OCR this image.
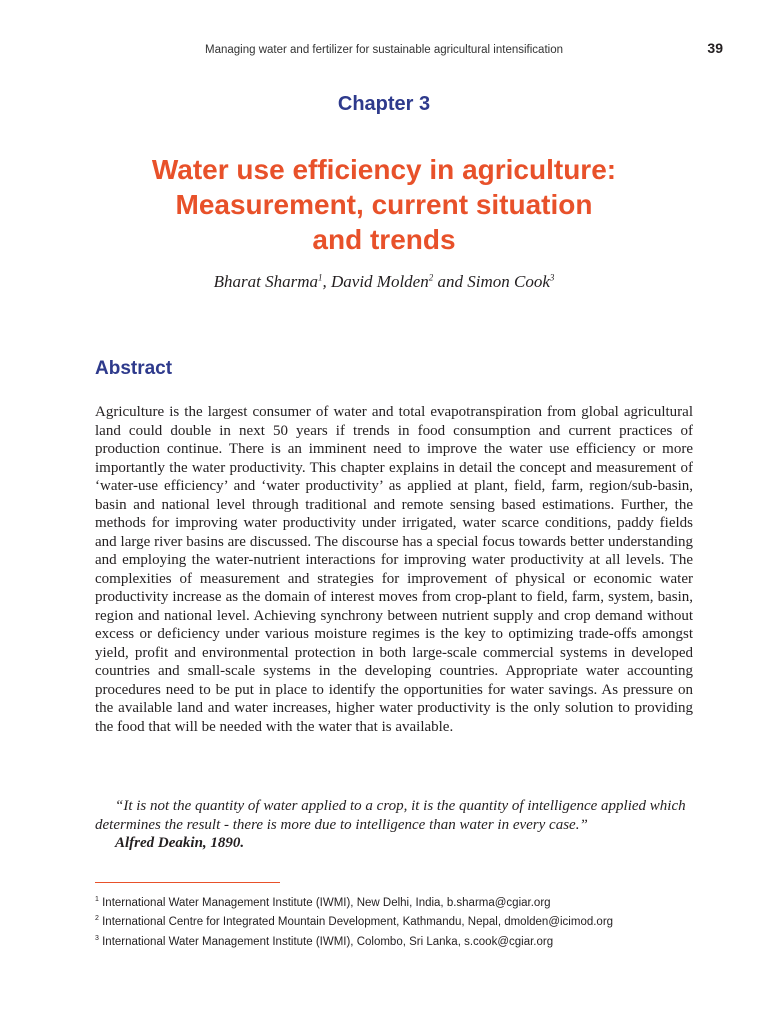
Managing water and fertilizer for sustainable agricultural intensification	39
Chapter 3
Water use efficiency in agriculture:
Measurement, current situation
and trends
Bharat Sharma$^1$, David Molden$^2$ and Simon Cook$^3$
Abstract

Agriculture is the largest consumer of water and total evapotranspiration from global agricultural land could double in next 50 years if trends in food consumption and current practices of production continue. There is an imminent need to improve the water use efficiency or more importantly the water productivity. This chapter explains in detail the concept and measurement of ‘water-use efficiency’ and ‘water productivity’ as applied at plant, field, farm, region/sub-basin, basin and national level through traditional and remote sensing based estimations. Further, the methods for improving water productivity under irrigated, water scarce conditions, paddy fields and large river basins are discussed. The discourse has a special focus towards better understanding and employing the water-nutrient interactions for improving water productivity at all levels. The complexities of measurement and strategies for improvement of physical or economic water productivity increase as the domain of interest moves from crop-plant to field, farm, system, basin, region and national level. Achieving synchrony between nutrient supply and crop demand without excess or deficiency under various moisture regimes is the key to optimizing trade-offs amongst yield, profit and environmental protection in both large-scale commercial systems in developed countries and small-scale systems in the developing countries. Appropriate water accounting procedures need to be put in place to identify the opportunities for water savings. As pressure on the available land and water increases, higher water productivity is the only solution to providing the food that will be needed with the water that is available.

“It is not the quantity of water applied to a crop, it is the quantity of intelligence applied which determines the result - there is more due to intelligence than water in every case.”

Alfred Deakin, 1890.

$^1$ International Water Management Institute (IWMI), New Delhi, India, b.sharma@cgiar.org
$^2$ International Centre for Integrated Mountain Development, Kathmandu, Nepal, dmolden@icimod.org
$^3$ International Water Management Institute (IWMI), Colombo, Sri Lanka, s.cook@cgiar.org
